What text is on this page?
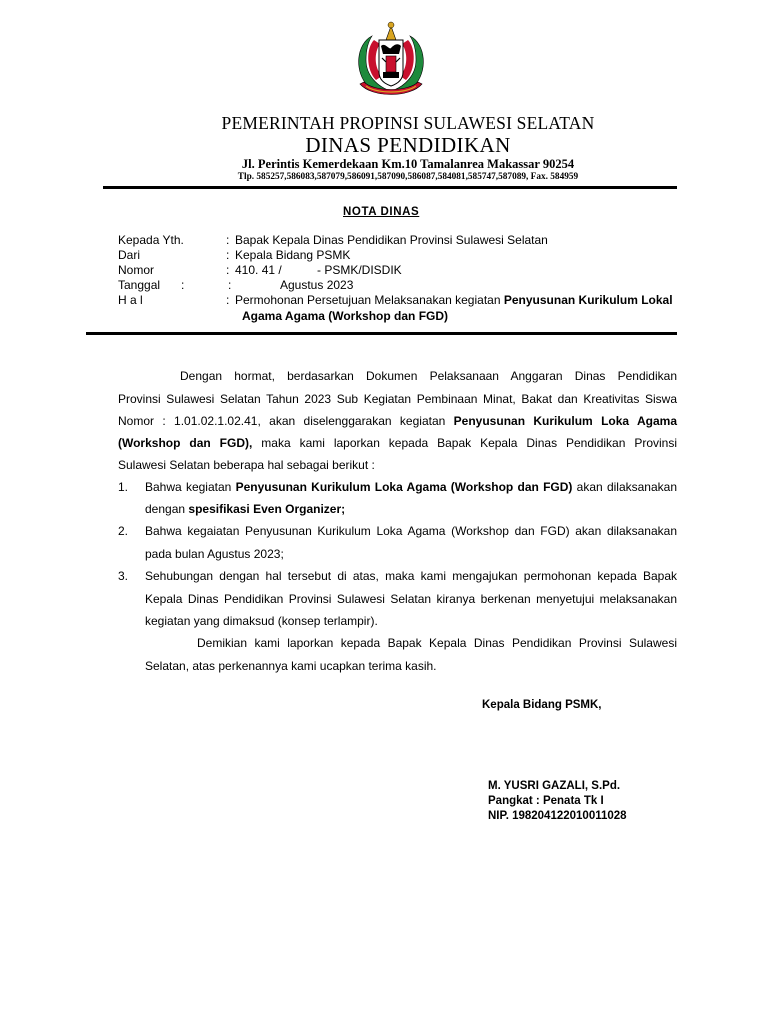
PEMERINTAH PROPINSI SULAWESI SELATAN
DINAS PENDIDIKAN
Jl. Perintis Kemerdekaan Km.10 Tamalanrea Makassar 90254
Tlp. 585257,586083,587079,586091,587090,586087,584081,585747,587089, Fax. 584959
NOTA DINAS
Kepada Yth.	: Bapak Kepala Dinas Pendidikan Provinsi Sulawesi Selatan
Dari	: Kepala Bidang PSMK
Nomor	: 410. 41 /	- PSMK/DISDIK
Tanggal :	:	Agustus 2023
H a l	: Permohonan Persetujuan Melaksanakan kegiatan Penyusunan Kurikulum Lokal
Agama Agama (Workshop dan FGD)
Dengan hormat, berdasarkan Dokumen Pelaksanaan Anggaran Dinas Pendidikan
Provinsi Sulawesi Selatan Tahun 2023 Sub Kegiatan Pembinaan Minat, Bakat dan Kreativitas Siswa
Nomor : 1.01.02.1.02.41, akan diselenggarakan kegiatan Penyusunan Kurikulum Loka Agama
(Workshop dan FGD), maka kami laporkan kepada Bapak Kepala Dinas Pendidikan Provinsi
Sulawesi Selatan beberapa hal sebagai berikut :
1. Bahwa kegiatan Penyusunan Kurikulum Loka Agama (Workshop dan FGD) akan dilaksanakan
dengan spesifikasi Even Organizer;
2. Bahwa kegaiatan Penyusunan Kurikulum Loka Agama (Workshop dan FGD) akan dilaksanakan
pada bulan Agustus 2023;
3. Sehubungan dengan hal tersebut di atas, maka kami mengajukan permohonan kepada Bapak
Kepala Dinas Pendidikan Provinsi Sulawesi Selatan kiranya berkenan menyetujui melaksanakan
kegiatan yang dimaksud (konsep terlampir).
Demikian kami laporkan kepada Bapak Kepala Dinas Pendidikan Provinsi Sulawesi
Selatan, atas perkenannya kami ucapkan terima kasih.
Kepala Bidang PSMK,
M. YUSRI GAZALI, S.Pd.
Pangkat : Penata Tk I
NIP. 198204122010011028
